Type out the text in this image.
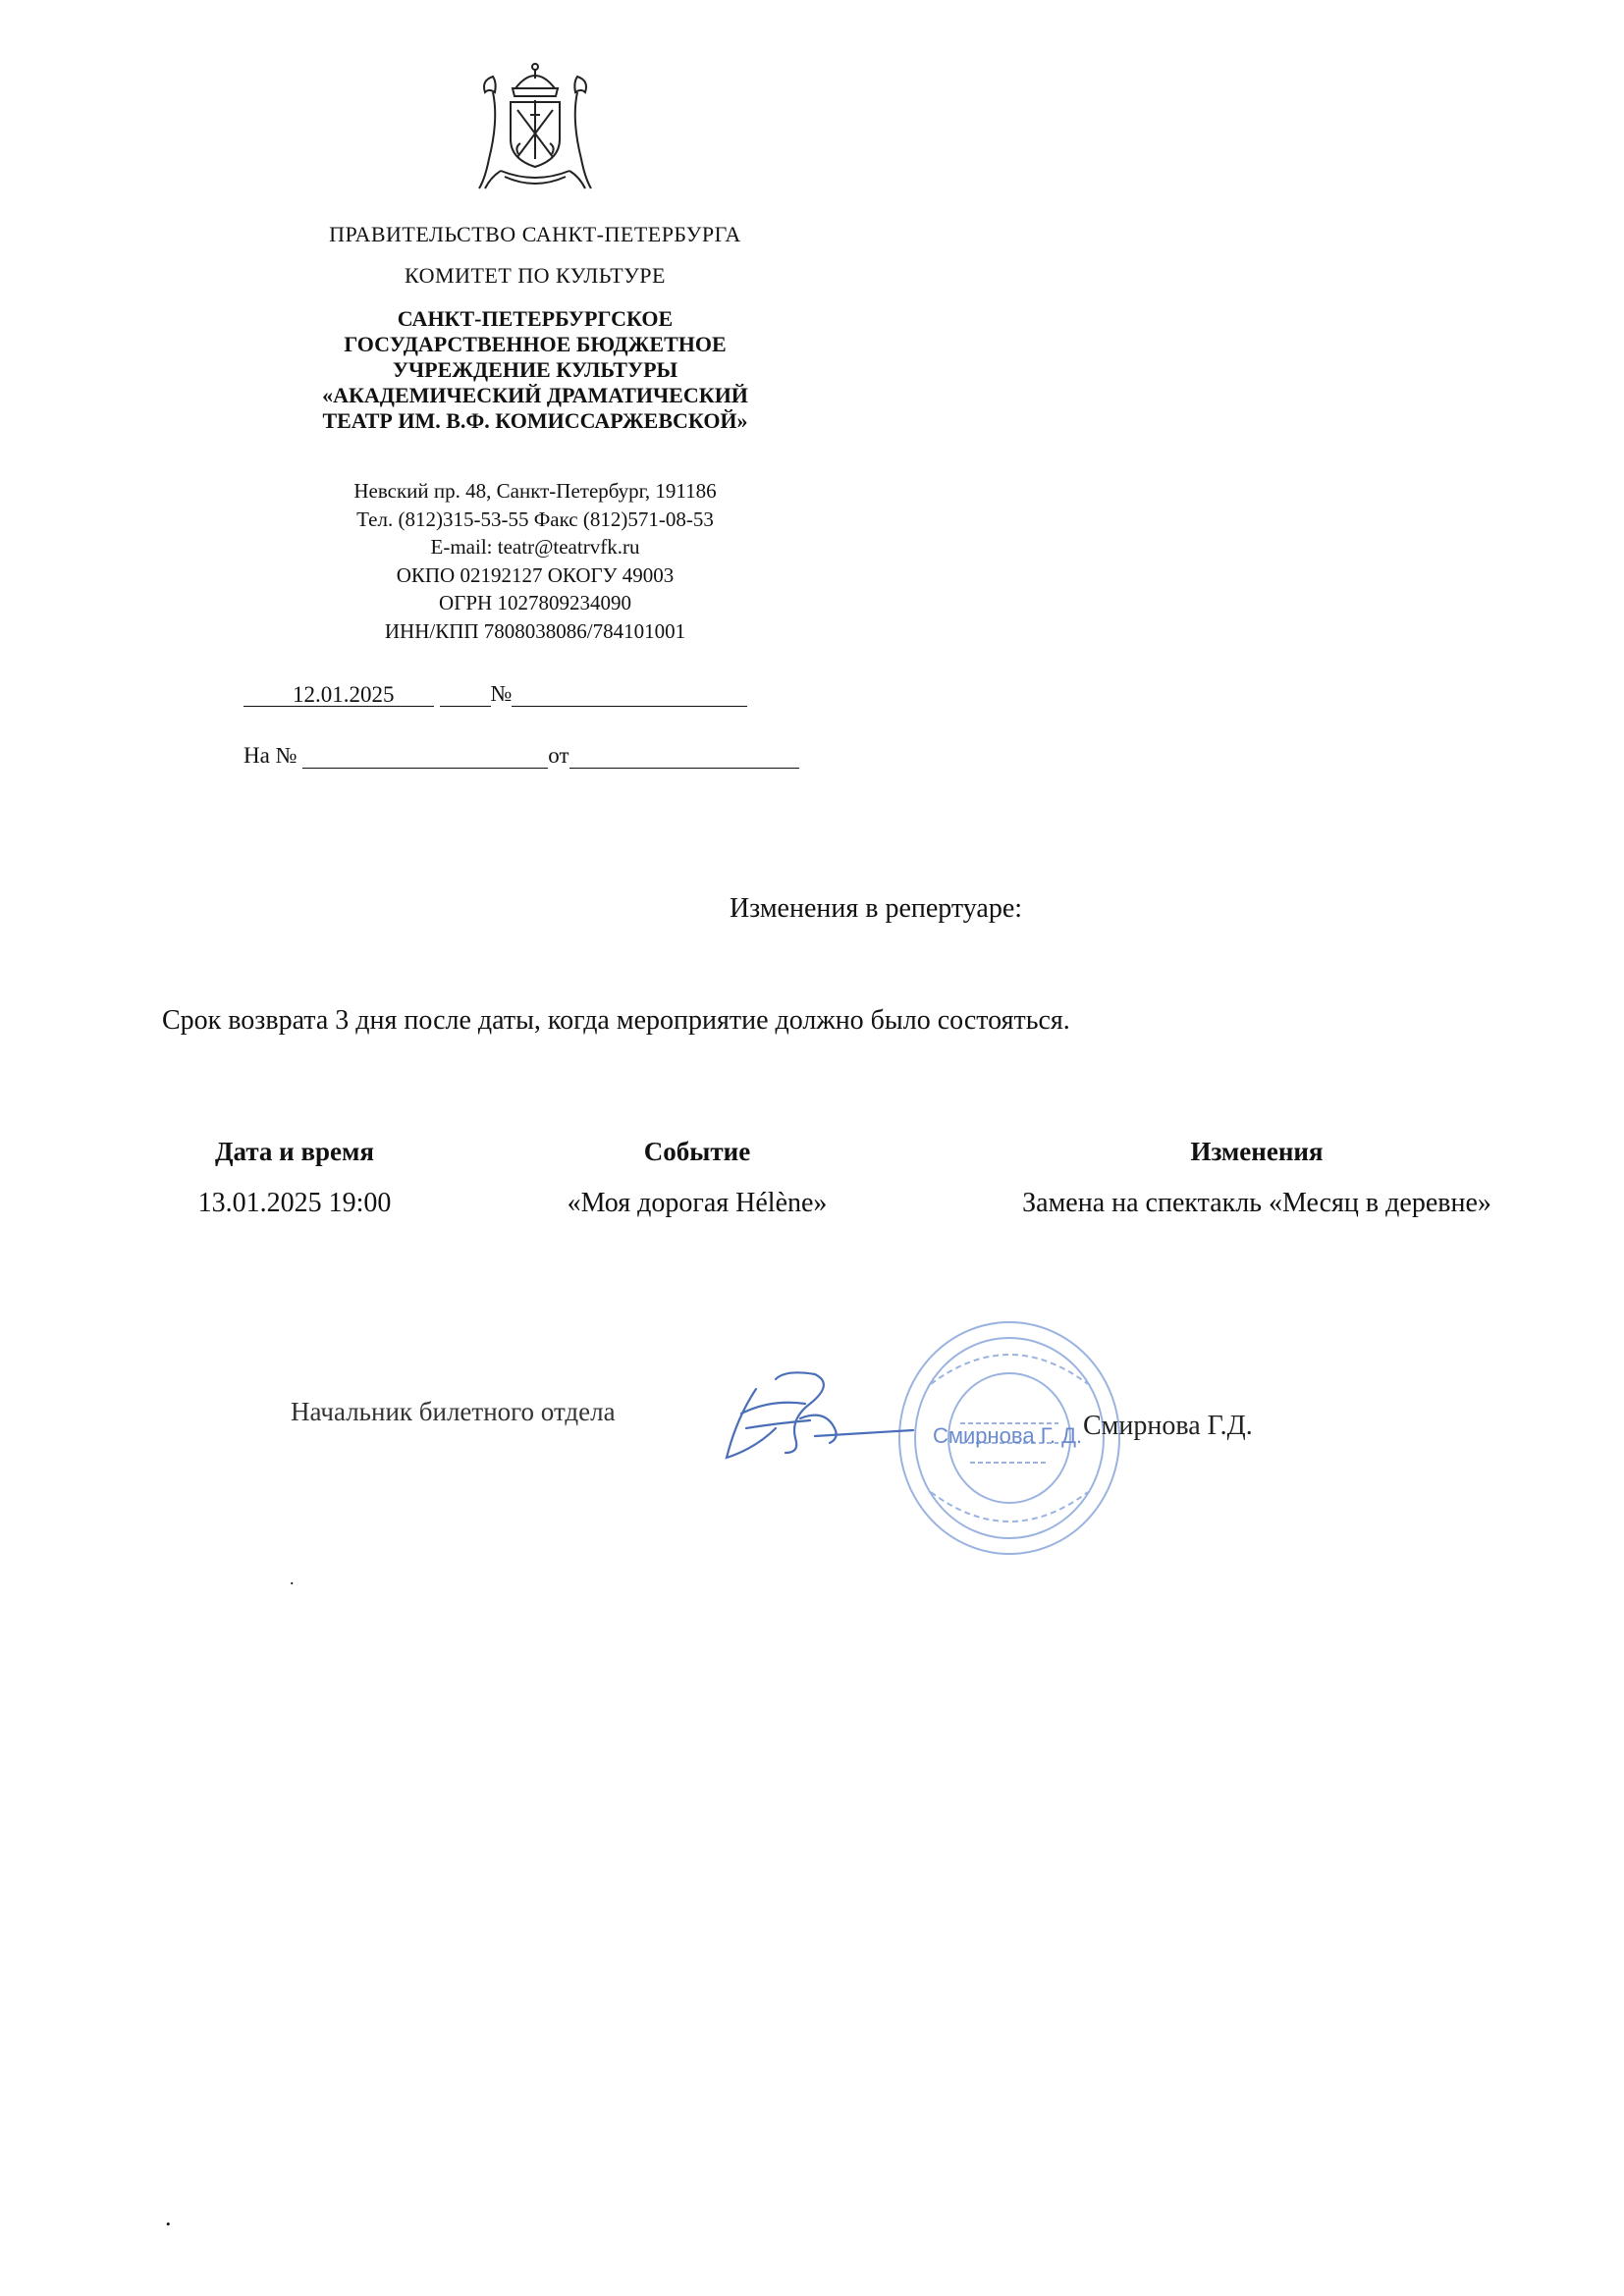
ПРАВИТЕЛЬСТВО САНКТ-ПЕТЕРБУРГА
КОМИТЕТ ПО КУЛЬТУРЕ
САНКТ-ПЕТЕРБУРГСКОЕ
ГОСУДАРСТВЕННОЕ БЮДЖЕТНОЕ
УЧРЕЖДЕНИЕ КУЛЬТУРЫ
«АКАДЕМИЧЕСКИЙ ДРАМАТИЧЕСКИЙ
ТЕАТР ИМ. В.Ф. КОМИССАРЖЕВСКОЙ»
Невский пр. 48, Санкт-Петербург, 191186
Тел. (812)315-53-55 Факс (812)571-08-53
E-mail: teatr@teatrvfk.ru
ОКПО 02192127 ОКОГУ 49003
ОГРН 1027809234090
ИНН/КПП 7808038086/784101001
12.01.2025	№
На №	от
Изменения в репертуаре:
Срок возврата 3 дня после даты, когда мероприятие должно было состояться.
Дата и время	Событие	Изменения
13.01.2025 19:00	«Моя дорогая Hélène»	Замена на спектакль «Месяц в деревне»
Смирнова Г. Д.
Начальник билетного отдела	Смирнова Г.Д.
.
.
